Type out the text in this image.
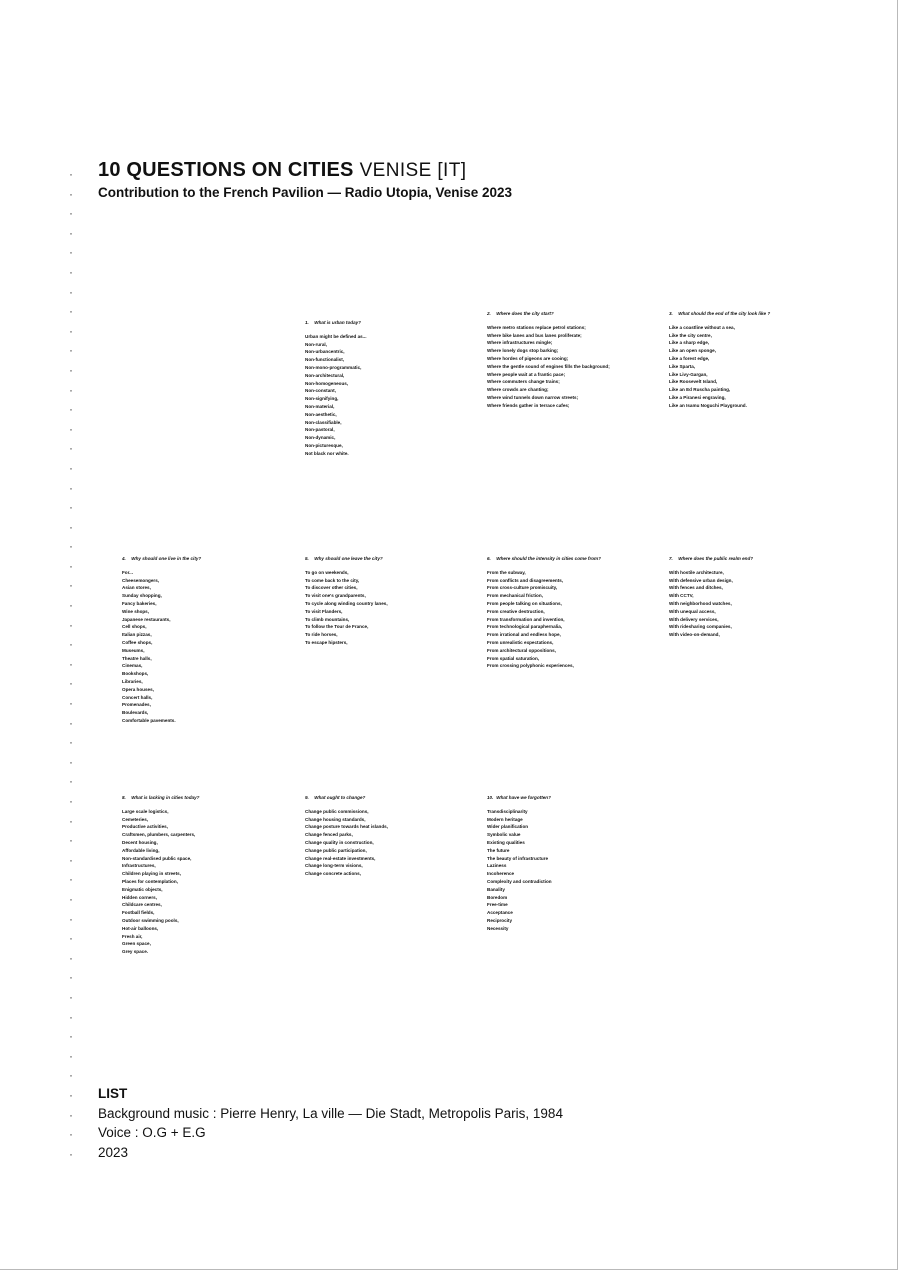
·
·
·
·
·
·
·
·
·
·
·
·
·
·
·
·
·
·
·
·
·
·
·
·
·
·
·
·
·
·
·
·
·
·
·
·
·
·
·
·
·
·
·
·
·
·
·
·
·
·
·
10 QUESTIONS ON CITIES VENISE [IT]

Contribution to the French Pavilion — Radio Utopia, Venise 2023

1. What is urban today?
Urban might be defined as...
Non-rural,
Non-urbancentric,
Non-functionalist,
Non-mono-programmatic,
Non-architectural,
Non-homogeneous,
Non-constant,
Non-signifying,
Non-material,
Non-aesthetic,
Non-classifiable,
Non-pastoral,
Non-dynamic,
Non-picturesque,
Not black nor white.
2. Where does the city start?
Where metro stations replace petrol stations;
Where bike lanes and bus lanes proliferate;
Where infrastructures mingle;
Where lonely dogs stop barking;
Where hordes of pigeons are cooing;
Where the gentle sound of engines fills the background;
Where people wait at a frantic pace;
Where commuters change trains;
Where crowds are chanting;
Where wind tunnels down narrow streets;
Where friends gather in terrace cafes;
3. What should the end of the city look like ?
Like a coastline without a sea,
Like the city centre,
Like a sharp edge,
Like an open sponge,
Like a forest edge,
Like Sparta,
Like Livy-Gargan,
Like Roosevelt Island,
Like an Ed Ruscha painting,
Like a Piranesi engraving,
Like an Isamu Noguchi Playground.
4. Why should one live in the city?
For...
Cheesemongers,
Asian stores,
Sunday shopping,
Fancy bakeries,
Wine shops,
Japanese restaurants,
Cell shops,
Italian pizzas,
Coffee shops,
Museums,
Theatre halls,
Cinemas,
Bookshops,
Libraries,
Opera houses,
Concert halls,
Promenades,
Boulevards,
Comfortable pavements.
5. Why should one leave the city?
To go on weekends,
To come back to the city,
To discover other cities,
To visit one's grandparents,
To cycle along winding country lanes,
To visit Flanders,
To climb mountains,
To follow the Tour de France,
To ride horses,
To escape hipsters,
6. Where should the intensity in cities come from?
From the subway,
From conflicts and disagreements,
From cross-culture promiscuity,
From mechanical friction,
From people talking on situations,
From creative destruction,
From transformation and invention,
From technological paraphernalia,
From irrational and endless hope,
From unrealistic expectations,
From architectural oppositions,
From spatial saturation,
From crossing polyphonic experiences,
7. Where does the public realm end?
With hostile architecture,
With defensive urban design,
With fences and ditches,
With CCTV,
With neighborhood watches,
With unequal access,
With delivery services,
With ridesharing companies,
With video-on-demand,
8. What is lacking in cities today?
Large scale logistics,
Cemeteries,
Productive activities,
Craftsmen, plumbers, carpenters,
Decent housing,
Affordable living,
Non-standardised public space,
Infrastructures,
Children playing in streets,
Places for contemplation,
Enigmatic objects,
Hidden corners,
Childcare centres,
Football fields,
Outdoor swimming pools,
Hot-air balloons,
Fresh air,
Green space,
Grey space.
9. What ought to change?
Change public commissions,
Change housing standards,
Change posture towards heat islands,
Change fenced parks,
Change quality in construction,
Change public participation,
Change real-estate investments,
Change long-term visions,
Change concrete actions,
10. What have we forgotten?
Transdisciplinarity
Modern heritage
Wider planification
Symbolic value
Existing qualities
The future
The beauty of infrastructure
Laziness
Incoherence
Complexity and contradiction
Banality
Boredom
Free-time
Acceptance
Reciprocity
Necessity
LIST
Background music : Pierre Henry, La ville — Die Stadt, Metropolis Paris, 1984
Voice : O.G + E.G
2023
